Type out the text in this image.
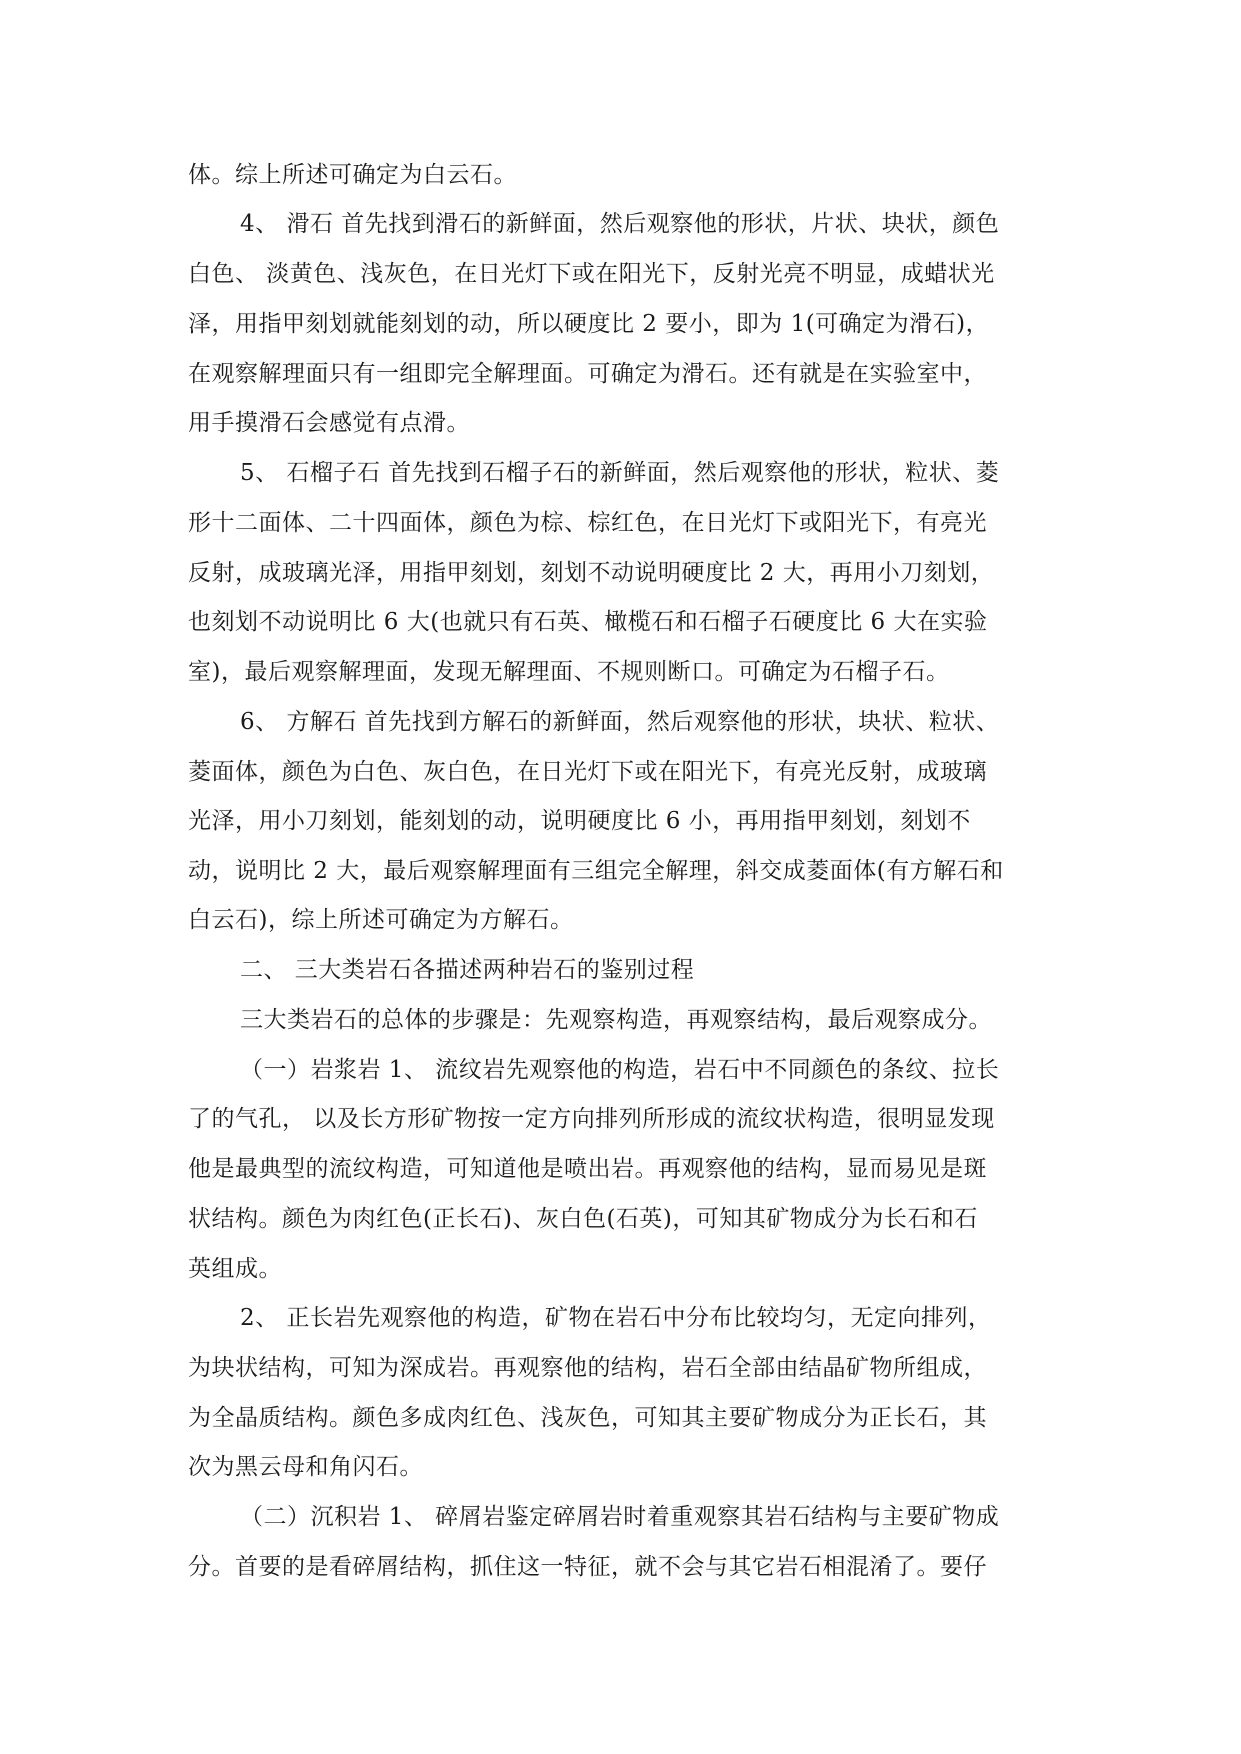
体。综上所述可确定为白云石。
4、 滑石 首先找到滑石的新鲜面，然后观察他的形状，片状、块状，颜色
白色、 淡黄色、浅灰色，在日光灯下或在阳光下，反射光亮不明显，成蜡状光
泽，用指甲刻划就能刻划的动，所以硬度比 2 要小，即为 1(可确定为滑石)，
在观察解理面只有一组即完全解理面。可确定为滑石。还有就是在实验室中，
用手摸滑石会感觉有点滑。
5、 石榴子石 首先找到石榴子石的新鲜面，然后观察他的形状，粒状、菱
形十二面体、二十四面体，颜色为棕、棕红色，在日光灯下或阳光下，有亮光
反射，成玻璃光泽，用指甲刻划，刻划不动说明硬度比 2 大，再用小刀刻划，
也刻划不动说明比 6 大(也就只有石英、橄榄石和石榴子石硬度比 6 大在实验
室)，最后观察解理面，发现无解理面、不规则断口。可确定为石榴子石。
6、 方解石 首先找到方解石的新鲜面，然后观察他的形状，块状、粒状、
菱面体，颜色为白色、灰白色，在日光灯下或在阳光下，有亮光反射，成玻璃
光泽，用小刀刻划，能刻划的动，说明硬度比 6 小，再用指甲刻划，刻划不
动，说明比 2 大，最后观察解理面有三组完全解理，斜交成菱面体(有方解石和
白云石)，综上所述可确定为方解石。
二、 三大类岩石各描述两种岩石的鉴别过程
三大类岩石的总体的步骤是：先观察构造，再观察结构，最后观察成分。
（一）岩浆岩 1、 流纹岩先观察他的构造，岩石中不同颜色的条纹、拉长
了的气孔， 以及长方形矿物按一定方向排列所形成的流纹状构造，很明显发现
他是最典型的流纹构造，可知道他是喷出岩。再观察他的结构，显而易见是斑
状结构。颜色为肉红色(正长石)、灰白色(石英)，可知其矿物成分为长石和石
英组成。
2、 正长岩先观察他的构造，矿物在岩石中分布比较均匀，无定向排列，
为块状结构，可知为深成岩。再观察他的结构，岩石全部由结晶矿物所组成，
为全晶质结构。颜色多成肉红色、浅灰色，可知其主要矿物成分为正长石，其
次为黑云母和角闪石。
（二）沉积岩 1、 碎屑岩鉴定碎屑岩时着重观察其岩石结构与主要矿物成
分。首要的是看碎屑结构，抓住这一特征，就不会与其它岩石相混淆了。要仔
